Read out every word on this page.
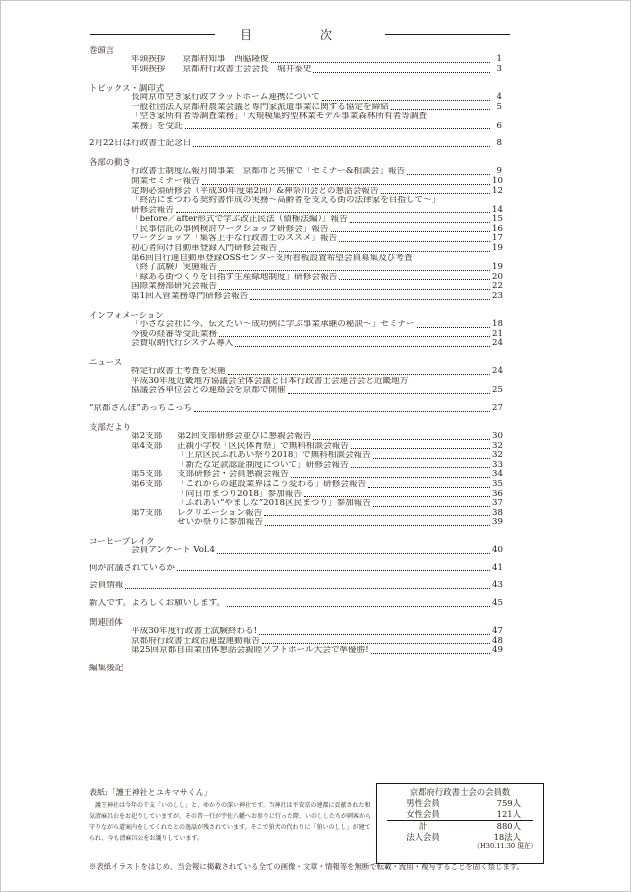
目　次
巻頭言
年頭挨拶　　京都府知事　西脇隆俊	1
年頭挨拶　　京都府行政書士会会長　堀井泰史	3
トピックス・調印式
長岡京市空き家行政プラットホーム連携について	4
一般社団法人京都府農業会議と専門家派遣事業に関する協定を締結	5
「空き家所有者等調査業務」「大規模集約型林業モデル事業森林所有者等調査
業務」を受託	6
2月22日は行政書士記念日	8
各部の動き
行政書士制度広報月間事業　京都市と共催で「セミナー&相談会」報告	9
開業セミナー報告	10
定期必須研修会（平成30年度第2回）&神奈川会との懇話会報告	12
「終活にまつわる契約書作成の実務〜高齢者を支える街の法律家を目指して〜」
研修会報告	14
「before／after形式で学ぶ改正民法（債権法編）」報告	15
「民事信託の事例検討ワークショップ研修会」報告	16
ワークショップ「集客上手な行政書士のススメ」報告	17
初心者向け自動車登録入門研修会報告	19
第6回自行連自動車登録OSSセンター支所看板設置希望会員募集及び考査
（終了試験）実施報告	19
「緑ある街づくりを目指す生産緑地制度」研修会報告	20
国際業務部研究会報告	22
第1回入管業務専門研修会報告	23
インフォメーション
「小さな会社に今、伝えたい〜成功例に学ぶ事業承継の秘訣〜」セミナー	18
今後の経審等受託業務	21
会費収納代行システム導入	24
ニュース
特定行政書士考査を実施	24
平成30年度近畿地方協議会全体会議と日本行政書士会連合会と近畿地方
協議会各単位会との連絡会を京都で開催	25
“京都さんぽ”あっちこっち	27
支部だより
第2支部 第2回支部研修会並びに懇親会報告	30
第4支部 正親小学校「区民体育祭」で無料相談会報告	32
「上京区民ふれあい祭り2018」で無料相談会報告	32
「新たな定款認証制度について」研修会報告	33
第5支部 支部研修会・会員懇親会報告	34
第6支部 「これからの建設業界はこう変わる」研修会報告	35
「向日市まつり2018」参加報告	36
「ふれあい“やましな”2018区民まつり」参加報告	37
第7支部 レクリエーション報告	38
せいか祭りに参加報告	39
コーヒーブレイク
会員アンケート Vol.4	40
何が討議されているか	41
会員情報	43
新人です。よろしくお願いします。	45
関連団体
平成30年度行政書士試験終わる!	47
京都府行政書士政治連盟運動報告	48
第25回京都自由業団体懇話会親睦ソフトボール大会で準優勝!	49
編集後記
表紙:「護王神社とユキマサくん」
護王神社は今年の干支「いのしし」と、ゆかりの深い神社です。当神社は平安京の建都に貢献された和気清麻呂公をお祀りしていますが、その昔一行が宇佐八幡へお参りに行った際、いのししたちが刺客から守りながら道案内をしてくれたとの逸話が残されています。そこで狛犬の代わりに「狛いのしし」が建てられ、今も清麻呂公をお護りしています。
京都府行政書士会の会員数
男性会員	759人
女性会員	121人
計	880人
法人会員	18法人
（H30.11.30 現在）
※表紙イラストをはじめ、当会報に掲載されている全ての画像・文章・情報等を無断で転載・流用・複写することを固く禁じます。
